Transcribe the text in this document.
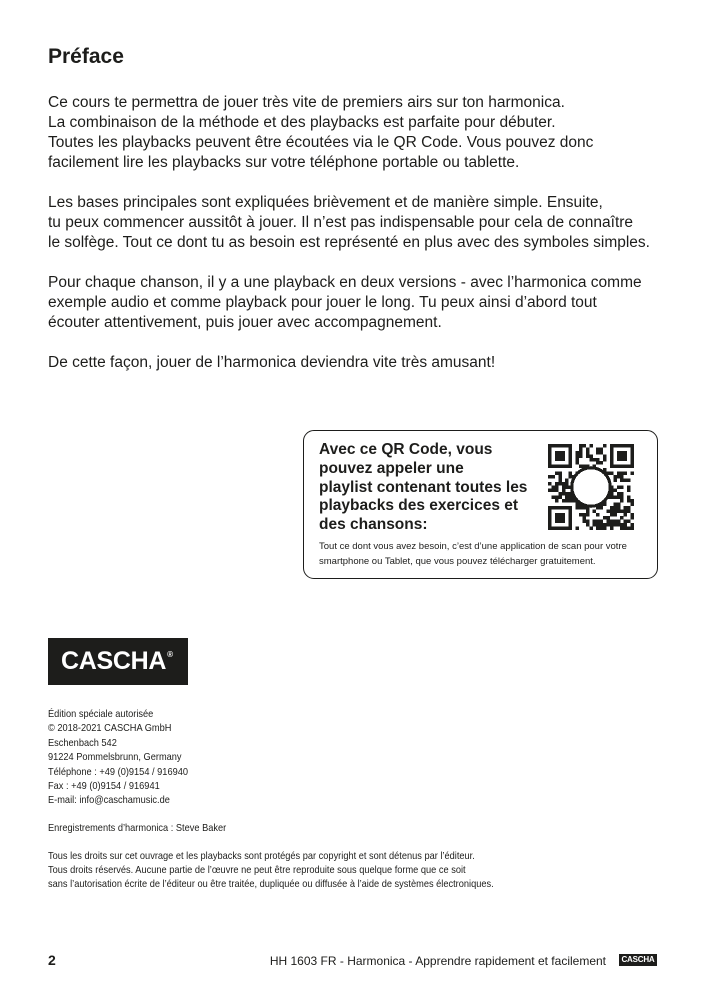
Préface

Ce cours te permettra de jouer très vite de premiers airs sur ton harmonica.
La combinaison de la méthode et des playbacks est parfaite pour débuter.
Toutes les playbacks peuvent être écoutées via le QR Code. Vous pouvez donc
facilement lire les playbacks sur votre téléphone portable ou tablette.

Les bases principales sont expliquées brièvement et de manière simple. Ensuite,
tu peux commencer aussitôt à jouer. Il n’est pas indispensable pour cela de connaître
le solfège. Tout ce dont tu as besoin est représenté en plus avec des symboles simples.

Pour chaque chanson, il y a une playback en deux versions - avec l’harmonica comme
exemple audio et comme playback pour jouer le long. Tu peux ainsi d’abord tout
écouter attentivement, puis jouer avec accompagnement.

De cette façon, jouer de l’harmonica deviendra vite très amusant!

Avec ce QR Code, vous
pouvez appeler une
playlist contenant toutes les
playbacks des exercices et
des chansons:
Tout ce dont vous avez besoin, c’est d’une application de scan pour votre
smartphone ou Tablet, que vous pouvez télécharger gratuitement.
CASCHA ®
Édition spéciale autorisée
© 2018-2021 CASCHA GmbH
Eschenbach 542
91224 Pommelsbrunn, Germany
Téléphone : +49 (0)9154 / 916940
Fax : +49 (0)9154 / 916941
E-mail: info@caschamusic.de
Enregistrements d’harmonica : Steve Baker
Tous les droits sur cet ouvrage et les playbacks sont protégés par copyright et sont détenus par l’éditeur.
Tous droits réservés. Aucune partie de l’œuvre ne peut être reproduite sous quelque forme que ce soit
sans l’autorisation écrite de l’éditeur ou être traitée, dupliquée ou diffusée à l’aide de systèmes électroniques.
2	HH 1603 FR - Harmonica - Apprendre rapidement et facilement	CASCHA
